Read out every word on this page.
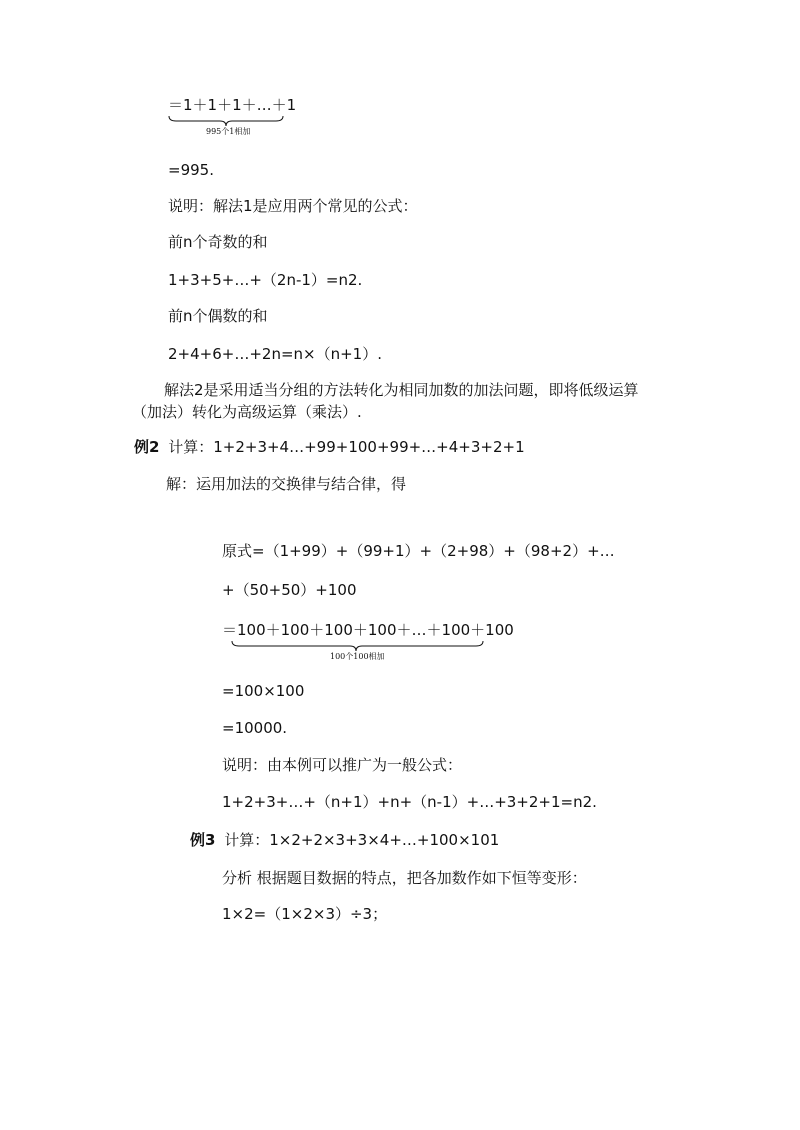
＝1＋1＋1＋…＋1
995个1相加
=995.
说明：解法1是应用两个常见的公式：
前n个奇数的和
1+3+5+…+（2n-1）=n2.
前n个偶数的和
2+4+6+…+2n=n×（n+1）.
解法2是采用适当分组的方法转化为相同加数的加法问题，即将低级运算
（加法）转化为高级运算（乘法）.
例2 计算：1+2+3+4…+99+100+99+…+4+3+2+1
解：运用加法的交换律与结合律，得
原式=（1+99）+（99+1）+（2+98）+（98+2）+…
+（50+50）+100
＝100＋100＋100＋100＋…＋100＋100
100个100相加
=100×100
=10000.
说明：由本例可以推广为一般公式：
1+2+3+…+（n+1）+n+（n-1）+…+3+2+1=n2.
例3 计算：1×2+2×3+3×4+…+100×101
分析 根据题目数据的特点，把各加数作如下恒等变形：
1×2=（1×2×3）÷3；
